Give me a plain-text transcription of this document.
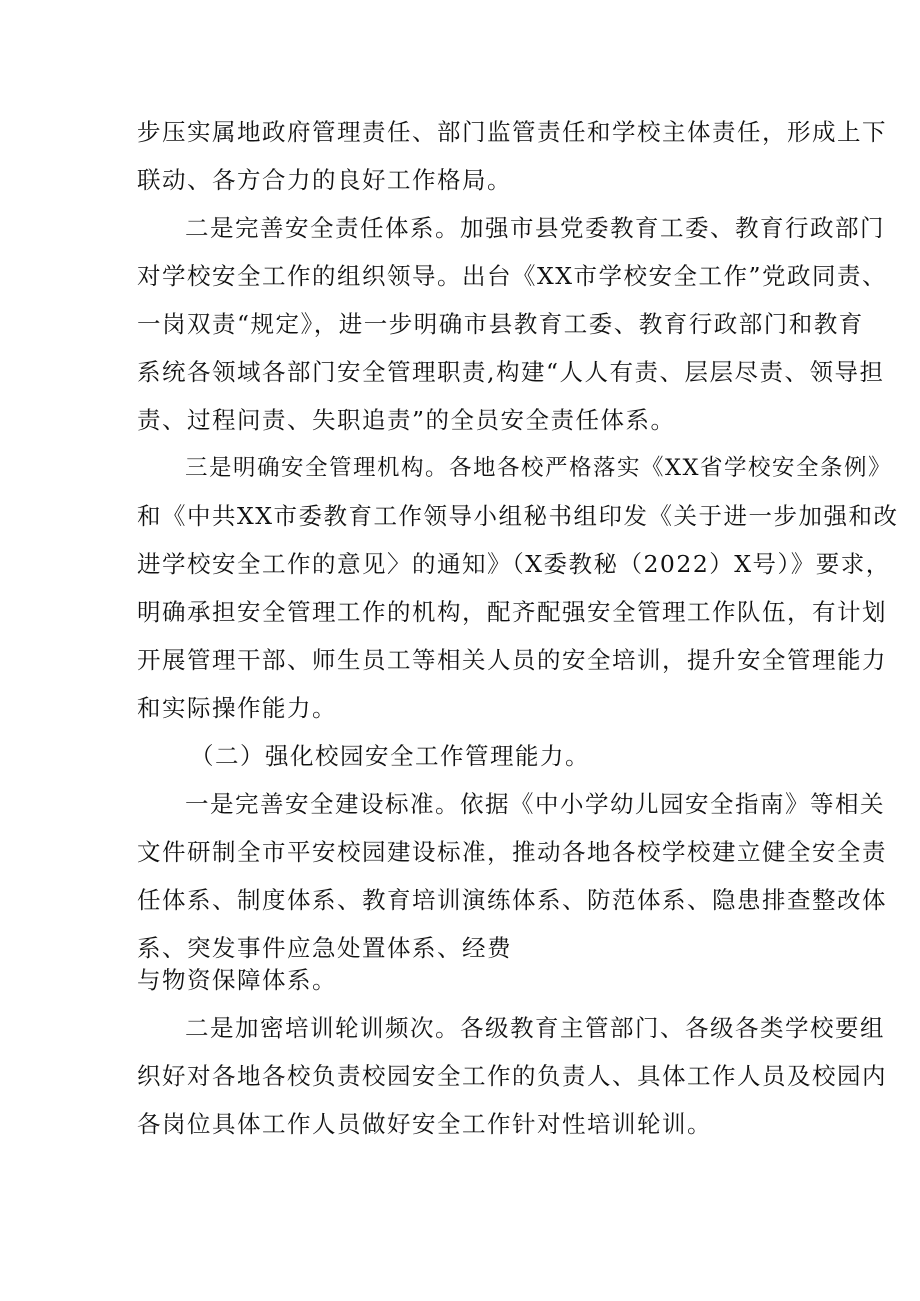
步压实属地政府管理责任、部门监管责任和学校主体责任，形成上下
联动、各方合力的良好工作格局。
二是完善安全责任体系。加强市县党委教育工委、教育行政部门
对学校安全工作的组织领导。出台《XX市学校安全工作”党政同责、
一岗双责“规定》，进一步明确市县教育工委、教育行政部门和教育
系统各领域各部门安全管理职责,构建“人人有责、层层尽责、领导担
责、过程问责、失职追责”的全员安全责任体系。
三是明确安全管理机构。各地各校严格落实《XX省学校安全条例》
和《中共XX市委教育工作领导小组秘书组印发《关于进一步加强和改
进学校安全工作的意见〉的通知》（X委教秘（2022）X号）》要求，
明确承担安全管理工作的机构，配齐配强安全管理工作队伍，有计划
开展管理干部、师生员工等相关人员的安全培训，提升安全管理能力
和实际操作能力。
（二）强化校园安全工作管理能力。
一是完善安全建设标准。依据《中小学幼儿园安全指南》等相关
文件研制全市平安校园建设标准，推动各地各校学校建立健全安全责
任体系、制度体系、教育培训演练体系、防范体系、隐患排查整改体
系、突发事件应急处置体系、经费
与物资保障体系。
二是加密培训轮训频次。各级教育主管部门、各级各类学校要组
织好对各地各校负责校园安全工作的负责人、具体工作人员及校园内
各岗位具体工作人员做好安全工作针对性培训轮训。
